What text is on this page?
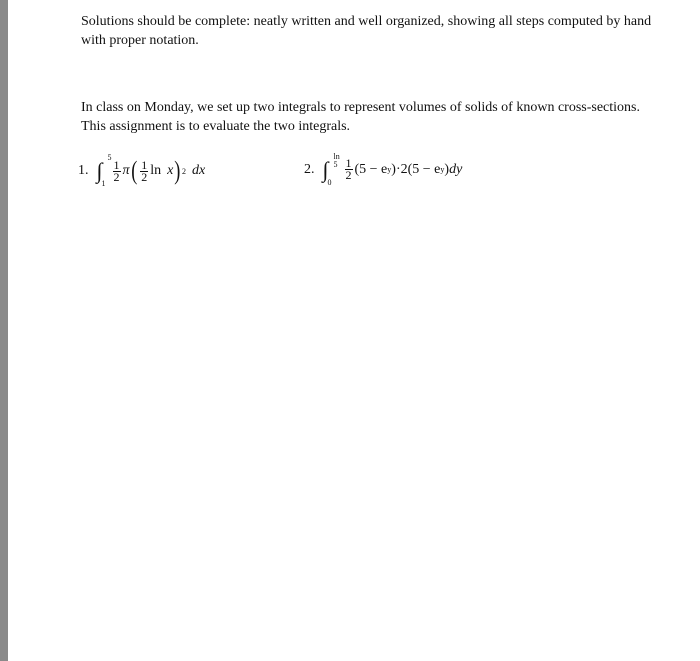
Solutions should be complete: neatly written and well organized, showing all steps computed by hand
with proper notation.
In class on Monday, we set up two integrals to represent volumes of solids of known cross-sections.
This assignment is to evaluate the two integrals.
1. ∫
5
1
$\frac{1}{2}$ π ( $\frac{1}{2}$ ln x ) 2 dx	2. ∫
ln 5
0
$\frac{1}{2} (5 - e$ y ) · 2 (5 − e y ) dy
